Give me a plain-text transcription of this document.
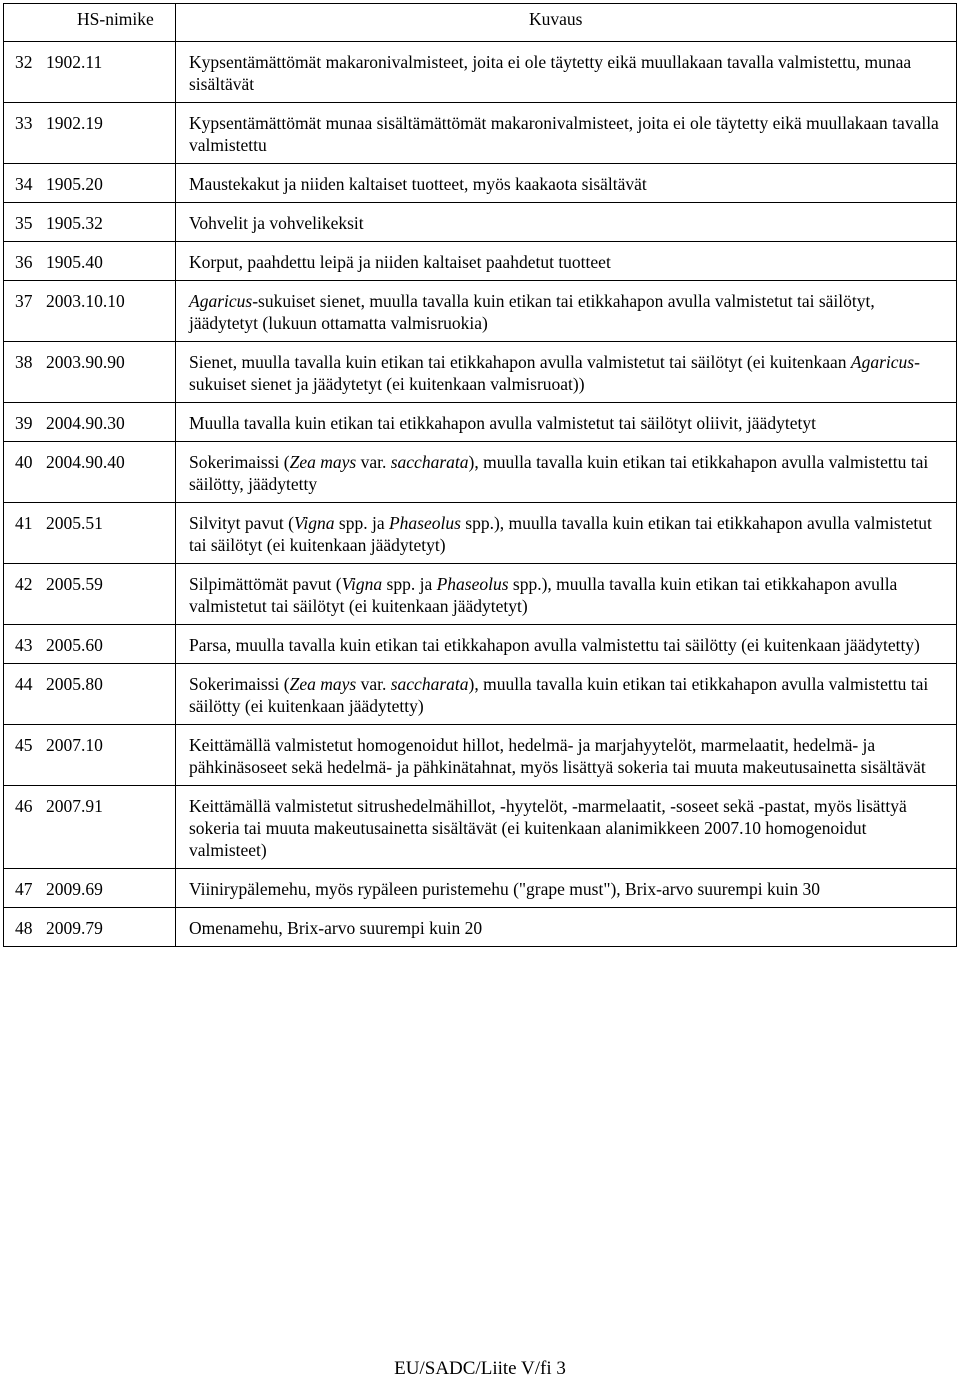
HS-nimike	Kuvaus
32 1902.11	Kypsentämättömät makaronivalmisteet, joita ei ole täytetty eikä muullakaan tavalla valmistettu, munaa sisältävät
33 1902.19	Kypsentämättömät munaa sisältämättömät makaronivalmisteet, joita ei ole täytetty eikä muullakaan tavalla valmistettu
34 1905.20	Maustekakut ja niiden kaltaiset tuotteet, myös kaakaota sisältävät
35 1905.32	Vohvelit ja vohvelikeksit
36 1905.40	Korput, paahdettu leipä ja niiden kaltaiset paahdetut tuotteet
37 2003.10.10	Agaricus-sukuiset sienet, muulla tavalla kuin etikan tai etikkahapon avulla valmistetut tai säilötyt, jäädytetyt (lukuun ottamatta valmisruokia)
38 2003.90.90	Sienet, muulla tavalla kuin etikan tai etikkahapon avulla valmistetut tai säilötyt (ei kuitenkaan Agaricus-sukuiset sienet ja jäädytetyt (ei kuitenkaan valmisruoat))
39 2004.90.30	Muulla tavalla kuin etikan tai etikkahapon avulla valmistetut tai säilötyt oliivit, jäädytetyt
40 2004.90.40	Sokerimaissi (Zea mays var. saccharata), muulla tavalla kuin etikan tai etikkahapon avulla valmistettu tai säilötty, jäädytetty
41 2005.51	Silvityt pavut (Vigna spp. ja Phaseolus spp.), muulla tavalla kuin etikan tai etikkahapon avulla valmistetut tai säilötyt (ei kuitenkaan jäädytetyt)
42 2005.59	Silpimättömät pavut (Vigna spp. ja Phaseolus spp.), muulla tavalla kuin etikan tai etikkahapon avulla valmistetut tai säilötyt (ei kuitenkaan jäädytetyt)
43 2005.60	Parsa, muulla tavalla kuin etikan tai etikkahapon avulla valmistettu tai säilötty (ei kuitenkaan jäädytetty)
44 2005.80	Sokerimaissi (Zea mays var. saccharata), muulla tavalla kuin etikan tai etikkahapon avulla valmistettu tai säilötty (ei kuitenkaan jäädytetty)
45 2007.10	Keittämällä valmistetut homogenoidut hillot, hedelmä- ja marjahyytelöt, marmelaatit, hedelmä- ja pähkinäsoseet sekä hedelmä- ja pähkinätahnat, myös lisättyä sokeria tai muuta makeutusainetta sisältävät
46 2007.91	Keittämällä valmistetut sitrushedelmähillot, -hyytelöt, -marmelaatit, -soseet sekä -pastat, myös lisättyä sokeria tai muuta makeutusainetta sisältävät (ei kuitenkaan alanimikkeen 2007.10 homogenoidut valmisteet)
47 2009.69	Viinirypälemehu, myös rypäleen puristemehu ("grape must"), Brix-arvo suurempi kuin 30
48 2009.79	Omenamehu, Brix-arvo suurempi kuin 20
EU/SADC/Liite V/fi 3
